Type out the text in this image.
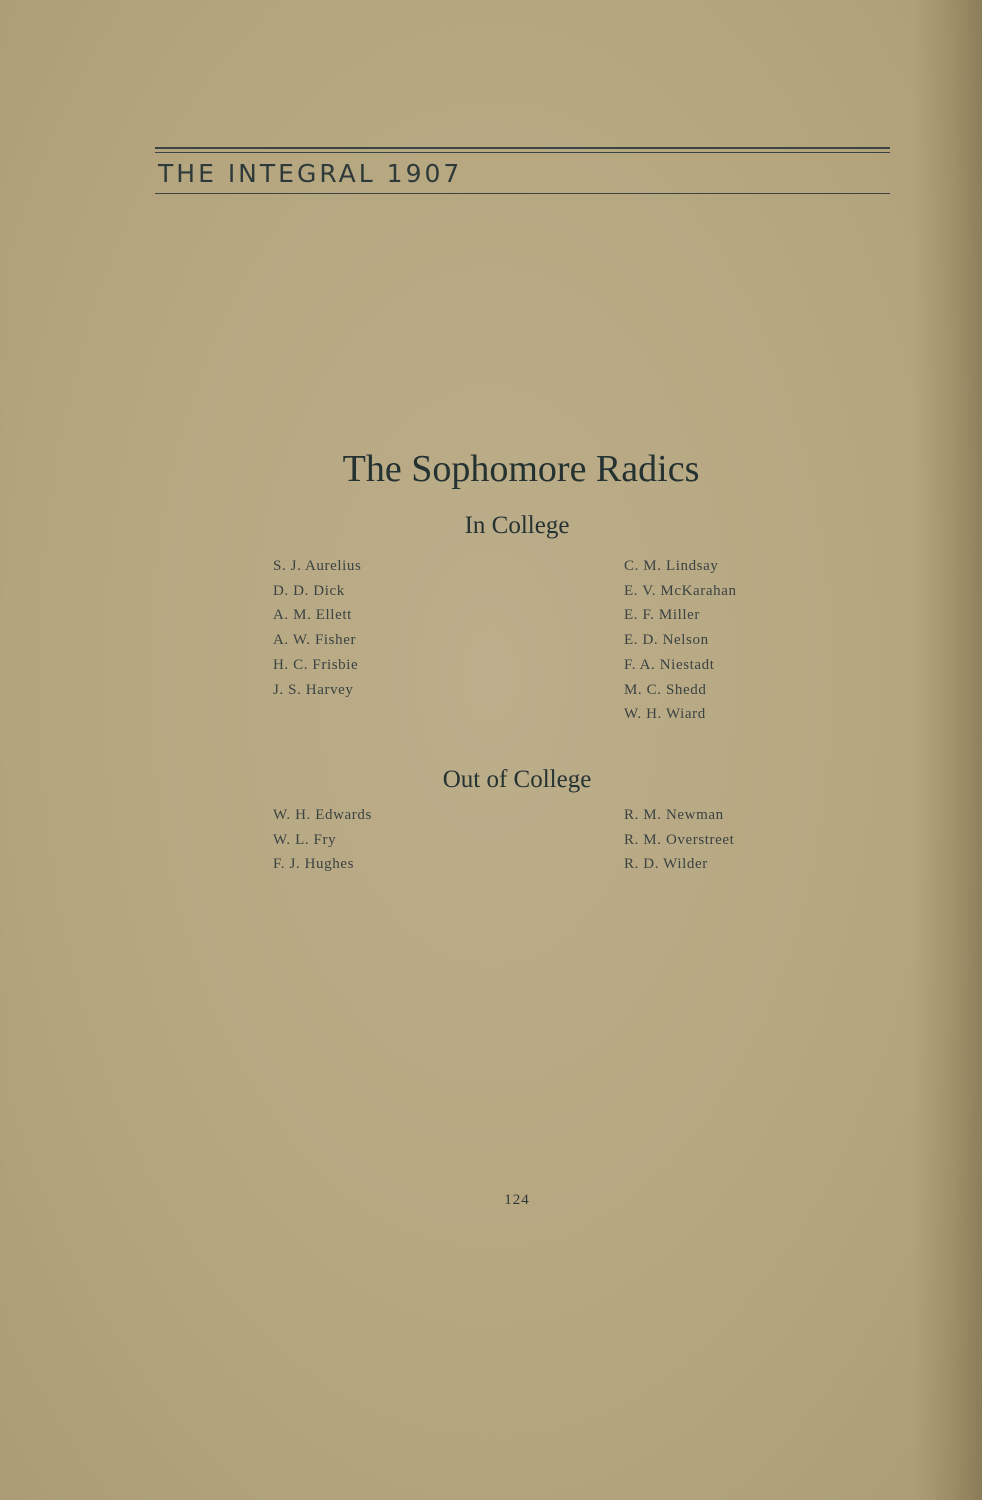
THE INTEGRAL 1907
The Sophomore Radics
In College
S. J. Aurelius
D. D. Dick
A. M. Ellett
A. W. Fisher
H. C. Frisbie
J. S. Harvey
C. M. Lindsay
E. V. McKarahan
E. F. Miller
E. D. Nelson
F. A. Niestadt
M. C. Shedd
W. H. Wiard
Out of College
W. H. Edwards
W. L. Fry
F. J. Hughes
R. M. Newman
R. M. Overstreet
R. D. Wilder
124
